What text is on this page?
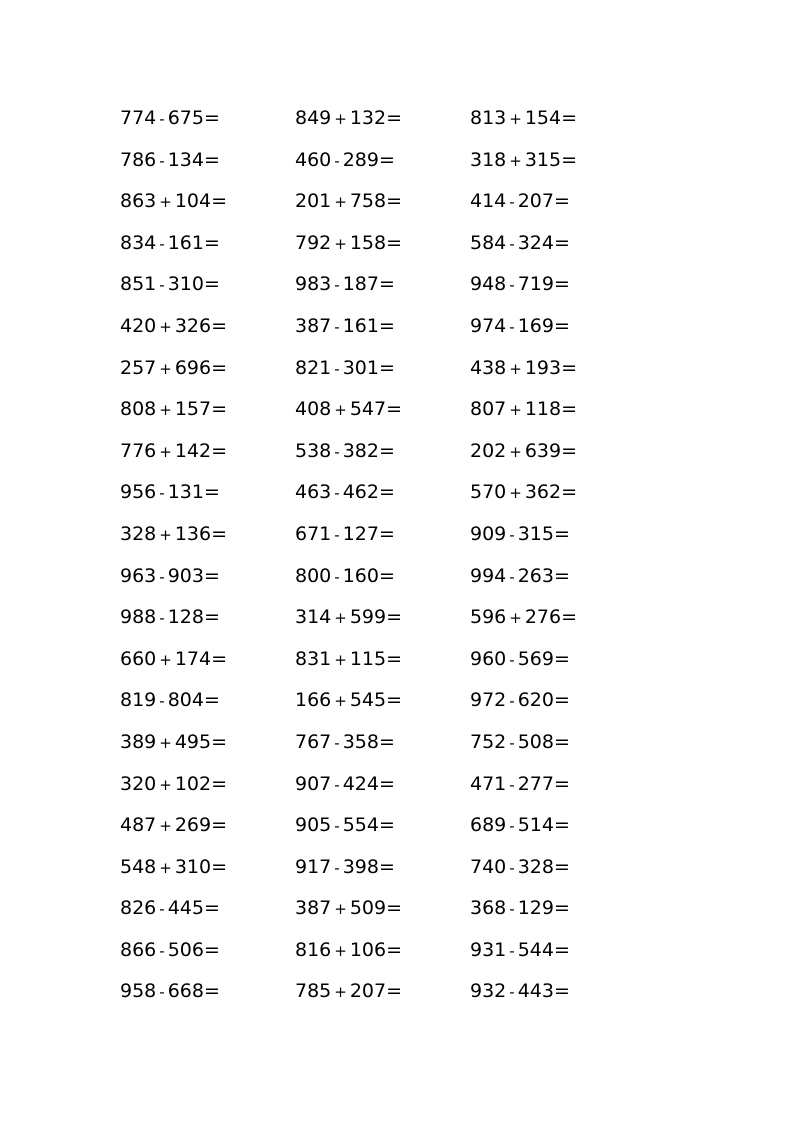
774 - 675=
786 - 134=
863 + 104=
834 - 161=
851 - 310=
420 + 326=
257 + 696=
808 + 157=
776 + 142=
956 - 131=
328 + 136=
963 - 903=
988 - 128=
660 + 174=
819 - 804=
389 + 495=
320 + 102=
487 + 269=
548 + 310=
826 - 445=
866 - 506=
958 - 668=
849 + 132=
460 - 289=
201 + 758=
792 + 158=
983 - 187=
387 - 161=
821 - 301=
408 + 547=
538 - 382=
463 - 462=
671 - 127=
800 - 160=
314 + 599=
831 + 115=
166 + 545=
767 - 358=
907 - 424=
905 - 554=
917 - 398=
387 + 509=
816 + 106=
785 + 207=
813 + 154=
318 + 315=
414 - 207=
584 - 324=
948 - 719=
974 - 169=
438 + 193=
807 + 118=
202 + 639=
570 + 362=
909 - 315=
994 - 263=
596 + 276=
960 - 569=
972 - 620=
752 - 508=
471 - 277=
689 - 514=
740 - 328=
368 - 129=
931 - 544=
932 - 443=
